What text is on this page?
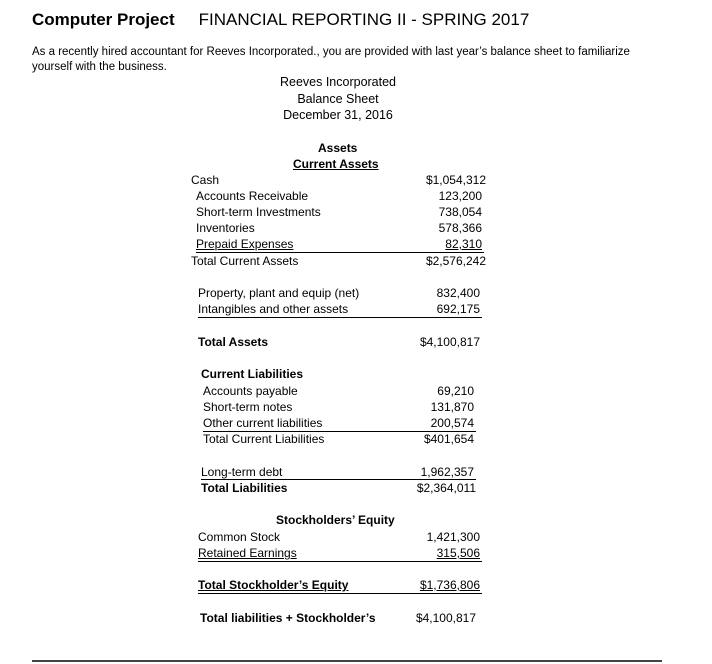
Computer Project FINANCIAL REPORTING II - SPRING 2017
As a recently hired accountant for Reeves Incorporated., you are provided with last year’s balance sheet to familiarize yourself with the business.
Reeves Incorporated
Balance Sheet
December 31, 2016
Assets
Current Assets
Cash	$1,054,312
Accounts Receivable	123,200
Short-term Investments	738,054
Inventories	578,366
Prepaid Expenses	82,310
Total Current Assets	$2,576,242
Property, plant and equip (net)	832,400
Intangibles and other assets	692,175
Total Assets	$4,100,817
Current Liabilities
Accounts payable	69,210
Short-term notes	131,870
Other current liabilities	200,574
Total Current Liabilities	$401,654
Long-term debt	1,962,357
Total Liabilities	$2,364,011
Stockholders’ Equity
Common Stock	1,421,300
Retained Earnings	315,506
Total Stockholder’s Equity	$1,736,806
Total liabilities + Stockholder’s	$4,100,817
